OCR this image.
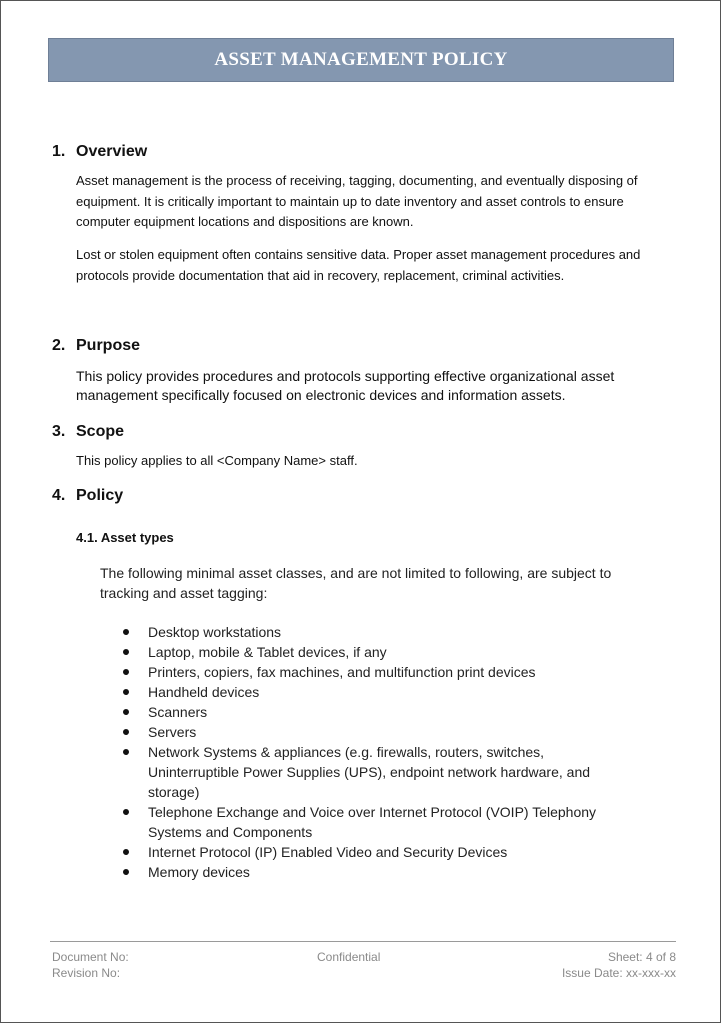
ASSET MANAGEMENT POLICY
1. Overview
Asset management is the process of receiving, tagging, documenting, and eventually disposing of equipment. It is critically important to maintain up to date inventory and asset controls to ensure computer equipment locations and dispositions are known.
Lost or stolen equipment often contains sensitive data. Proper asset management procedures and protocols provide documentation that aid in recovery, replacement, criminal activities.
2. Purpose
This policy provides procedures and protocols supporting effective organizational asset management specifically focused on electronic devices and information assets.
3. Scope
This policy applies to all <Company Name> staff.
4. Policy
4.1. Asset types
The following minimal asset classes, and are not limited to following, are subject to tracking and asset tagging:
Desktop workstations
Laptop, mobile & Tablet devices, if any
Printers, copiers, fax machines, and multifunction print devices
Handheld devices
Scanners
Servers
Network Systems & appliances (e.g. firewalls, routers, switches, Uninterruptible Power Supplies (UPS), endpoint network hardware, and storage)
Telephone Exchange and Voice over Internet Protocol (VOIP) Telephony Systems and Components
Internet Protocol (IP) Enabled Video and Security Devices
Memory devices
Document No:
Revision No:
Confidential	Sheet: 4 of 8
Issue Date: xx-xxx-xx
